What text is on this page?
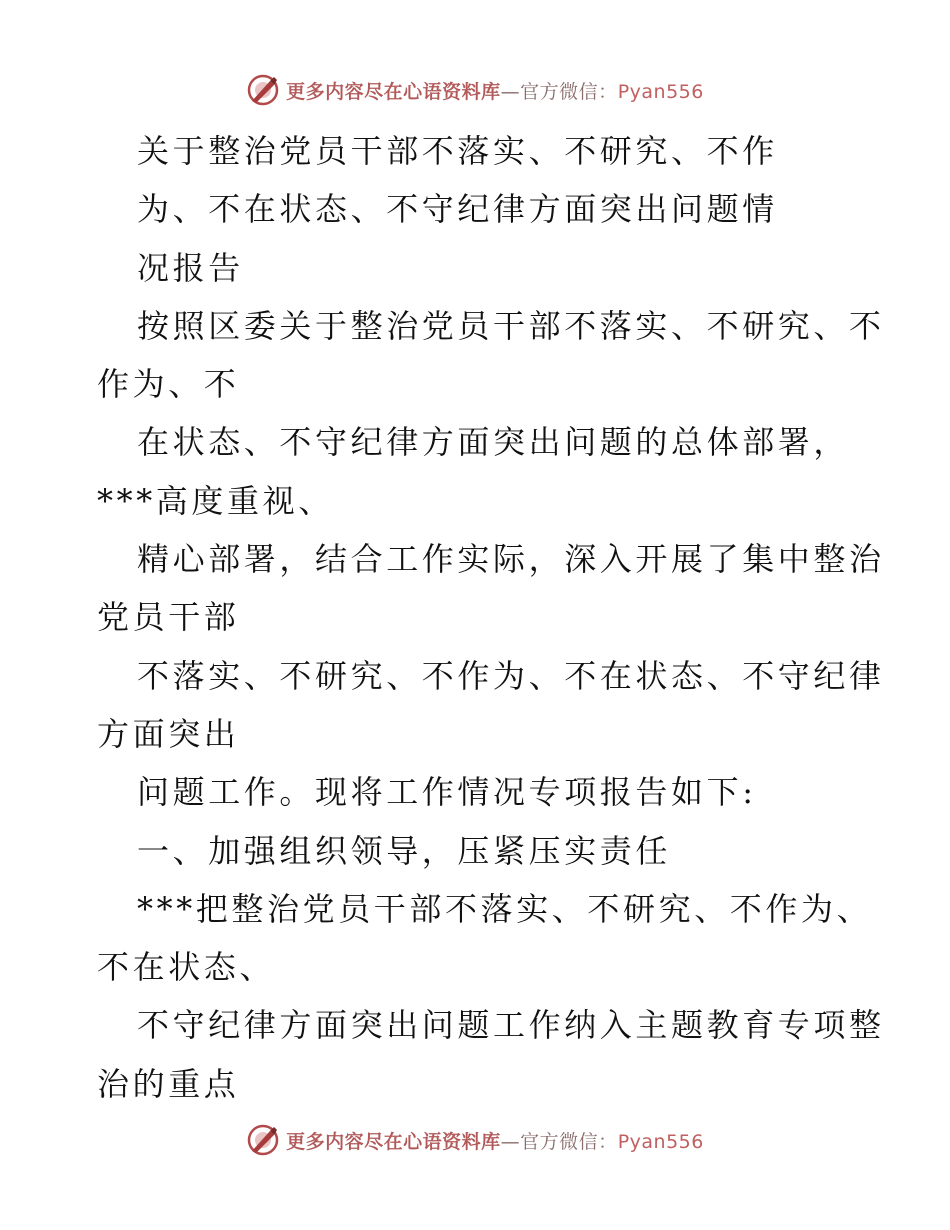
更多内容尽在心语资料库—官方微信：Pyan556
关于整治党员干部不落实、不研究、不作
为、不在状态、不守纪律方面突出问题情
况报告
按照区委关于整治党员干部不落实、不研究、不
作为、不
在状态、不守纪律方面突出问题的总体部署，
***高度重视、
精心部署，结合工作实际，深入开展了集中整治
党员干部
不落实、不研究、不作为、不在状态、不守纪律
方面突出
问题工作。现将工作情况专项报告如下:
一、加强组织领导，压紧压实责任
***把整治党员干部不落实、不研究、不作为、
不在状态、
不守纪律方面突出问题工作纳入主题教育专项整
治的重点
更多内容尽在心语资料库—官方微信：Pyan556
